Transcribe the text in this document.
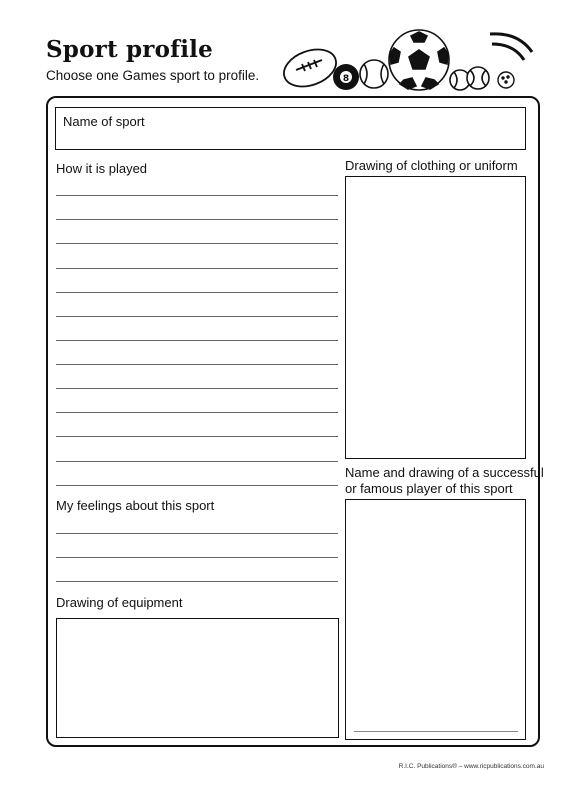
Sport profile
Choose one Games sport to profile.	8
Name of sport
How it is played	Drawing of clothing or uniform
Name and drawing of a successful
or famous player of this sport
My feelings about this sport
Drawing of equipment
R.I.C. Publications® – www.ricpublications.com.au
